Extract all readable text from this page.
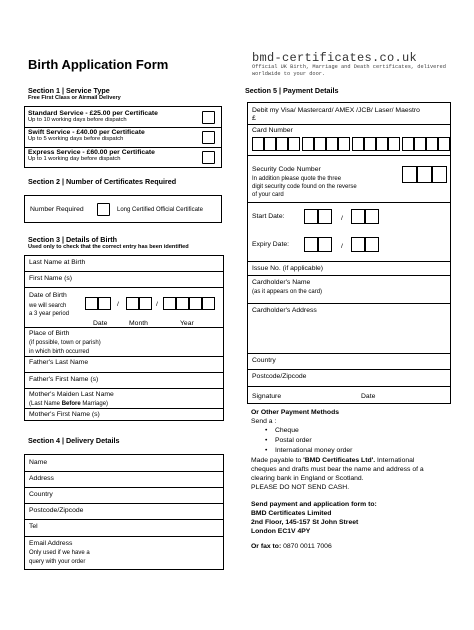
Birth Application Form	bmd-certificates.co.uk
Official UK Birth, Marriage and Death certificates, delivered worldwide to your door.
Section 1 | Service Type
Free First Class or Airmail Delivery
Standard Service - £25.00 per Certificate
Up to 10 working days before dispatch
Swift Service - £40.00 per Certificate
Up to 5 working days before dispatch
Express Service - £60.00 per Certificate
Up to 1 working day before dispatch
Section 2 | Number of Certificates Required
Number Required	Long Certified Official Certificate
Section 3 | Details of Birth
Used only to check that the correct entry has been identified
Last Name at Birth
First Name (s)
Date of Birth
we will search
a 3 year period
/	/
Date	Month	Year
Place of Birth
(if possible, town or parish)
in which birth occurred
Father's Last Name
Father's First Name (s)
Mother's Maiden Last Name
(Last Name Before Marriage)
Mother's First Name (s)
Section 4 | Delivery Details
Name
Address
Country
Postcode/Zipcode
Tel
Email Address
Only used if we have a
query with your order
Section 5 | Payment Details
Debit my Visa/ Mastercard/ AMEX /JCB/ Laser/ Maestro
£
Card Number
Security Code Number
In addition please quote the three
digit security code found on the reverse
of your card
Start Date:	/
Expiry Date:	/
Issue No. (if applicable)
Cardholder's Name
(as it appears on the card)
Cardholder's Address
Country
Postcode/Zipcode
Signature	Date
Or Other Payment Methods
Send a :
• Cheque
• Postal order
• International money order
Made payable to 'BMD Certificates Ltd'. International
cheques and drafts must bear the name and address of a
clearing bank in England or Scotland.
PLEASE DO NOT SEND CASH.
Send payment and application form to:
BMD Certificates Limited
2nd Floor, 145-157 St John Street
London EC1V 4PY
Or fax to: 0870 0011 7006
